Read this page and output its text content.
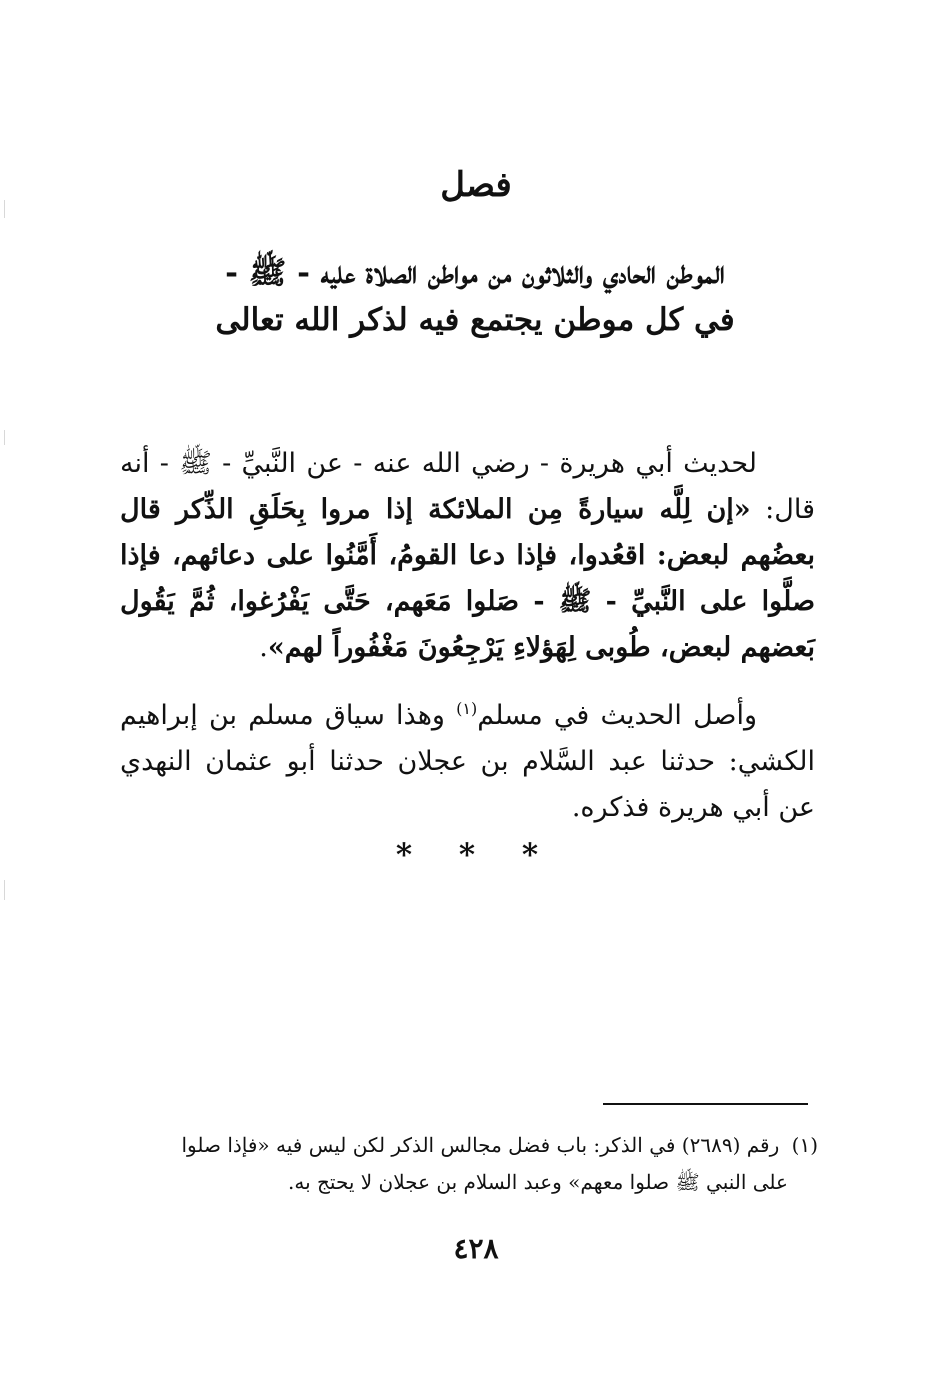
فصل
الموطن الحادي والثلاثون من مواطن الصلاة عليه - ﷺ -
في كل موطن يجتمع فيه لذكر الله تعالى
لحديث أبي هريرة - رضي الله عنه - عن النَّبيِّ - ﷺ - أنه قال: «إن لِلَّه سيارةً مِن الملائكة إذا مروا بِحَلَقِ الذِّكر قال بعضُهم لبعض: اقعُدوا، فإذا دعا القومُ، أَمَّنُوا على دعائهم، فإذا صلَّوا على النَّبيِّ - ﷺ - صَلوا مَعَهم، حَتَّى يَفْرُغوا، ثُمَّ يَقُول بَعضهم لبعض، طُوبى لِهَؤلاءِ يَرْجِعُونَ مَغْفُوراً لهم».
وأصل الحديث في مسلم$^{(١)}$ وهذا سياق مسلم بن إبراهيم الكشي: حدثنا عبد السَّلام بن عجلان حدثنا أبو عثمان النهدي عن أبي هريرة فذكره.
* * *
(١) رقم (٢٦٨٩) في الذكر: باب فضل مجالس الذكر لكن ليس فيه «فإذا صلوا
على النبي ﷺ صلوا معهم» وعبد السلام بن عجلان لا يحتج به.
٤٢٨
